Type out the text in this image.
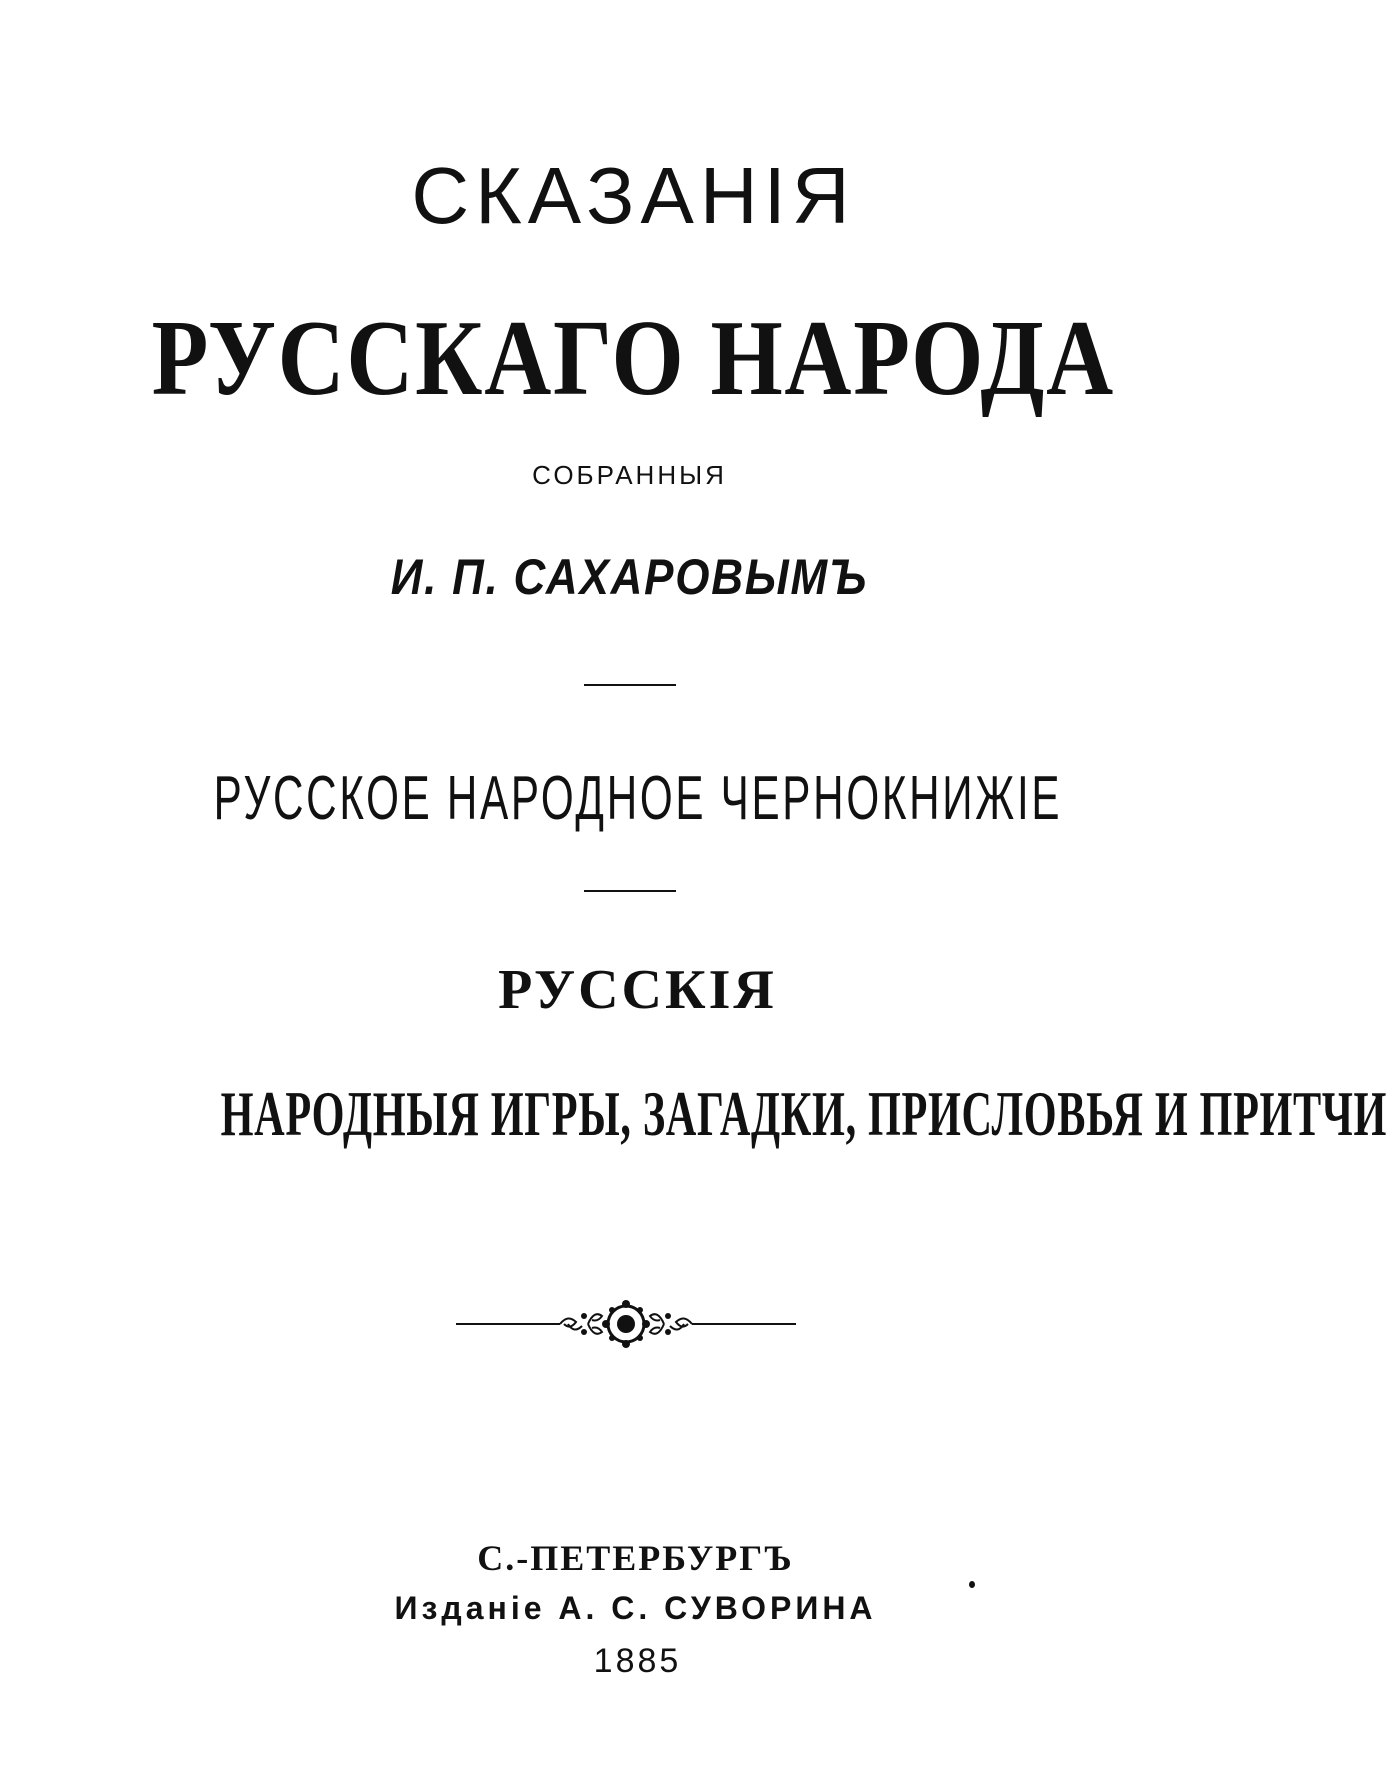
СКАЗАНІЯ
РУССКАГО НАРОДА
СОБРАННЫЯ
И. П. САХАРОВЫМЪ
РУССКОЕ НАРОДНОЕ ЧЕРНОКНИЖІЕ
РУССКІЯ
НАРОДНЫЯ ИГРЫ, ЗАГАДКИ, ПРИСЛОВЬЯ И ПРИТЧИ
С.-ПЕТЕРБУРГЪ
Изданіе А. С. СУВОРИНА
1885
